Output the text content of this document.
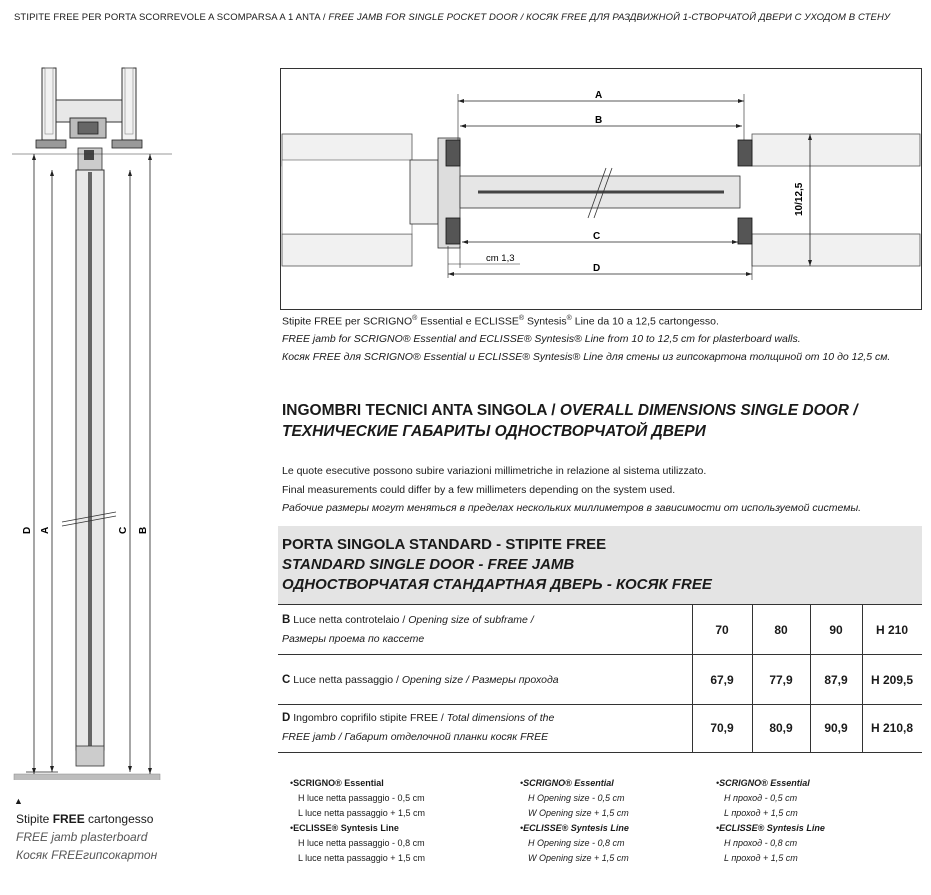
STIPITE FREE PER PORTA SCORREVOLE A SCOMPARSA A 1 ANTA / FREE JAMB FOR SINGLE POCKET DOOR / КОСЯК FREE ДЛЯ РАЗДВИЖНОЙ 1-СТВОРЧАТОЙ ДВЕРИ С УХОДОМ В СТЕНУ
D A	C B
▲
Stipite FREE cartongesso
FREE jamb plasterboard
Косяк FREEгипсокартон
A
B
C
cm 1,3
D
10/12,5
Stipite FREE per SCRIGNO® Essential e ECLISSE® Syntesis® Line da 10 a 12,5 cartongesso.
FREE jamb for SCRIGNO® Essential and ECLISSE® Syntesis® Line from 10 to 12,5 cm for plasterboard walls.
Косяк FREE для SCRIGNO® Essential и ECLISSE® Syntesis® Line для стены из гипсокартона толщиной от 10 до 12,5 см.
INGOMBRI TECNICI ANTA SINGOLA / OVERALL DIMENSIONS SINGLE DOOR /
ТЕХНИЧЕСКИЕ ГАБАРИТЫ ОДНОСТВОРЧАТОЙ ДВЕРИ
Le quote esecutive possono subire variazioni millimetriche in relazione al sistema utilizzato.
Final measurements could differ by a few millimeters depending on the system used.
Рабочие размеры могут меняться в пределах нескольких миллиметров в зависимости от используемой системы.
PORTA SINGOLA STANDARD - STIPITE FREE
STANDARD SINGLE DOOR - FREE JAMB
ОДНОСТВОРЧАТАЯ СТАНДАРТНАЯ ДВЕРЬ - КОСЯК FREE
B Luce netta controtelaio / Opening size of subframe /
Размеры проема по кассете
70	80	90	H 210
C Luce netta passaggio / Opening size / Размеры прохода	67,9	77,9	87,9	H 209,5
D Ingombro coprifilo stipite FREE / Total dimensions of the
FREE jamb / Габарит отделочной планки косяк FREE
70,9	80,9	90,9	H 210,8
•SCRIGNO® Essential
H luce netta passaggio - 0,5 cm
L luce netta passaggio + 1,5 cm
•ECLISSE® Syntesis Line
H luce netta passaggio - 0,8 cm
L luce netta passaggio + 1,5 cm
•SCRIGNO® Essential
H Opening size - 0,5 cm
W Opening size + 1,5 cm
•ECLISSE® Syntesis Line
H Opening size - 0,8 cm
W Opening size + 1,5 cm
•SCRIGNO® Essential
H проход - 0,5 cm
L проход + 1,5 cm
•ECLISSE® Syntesis Line
H проход - 0,8 cm
L проход + 1,5 cm
